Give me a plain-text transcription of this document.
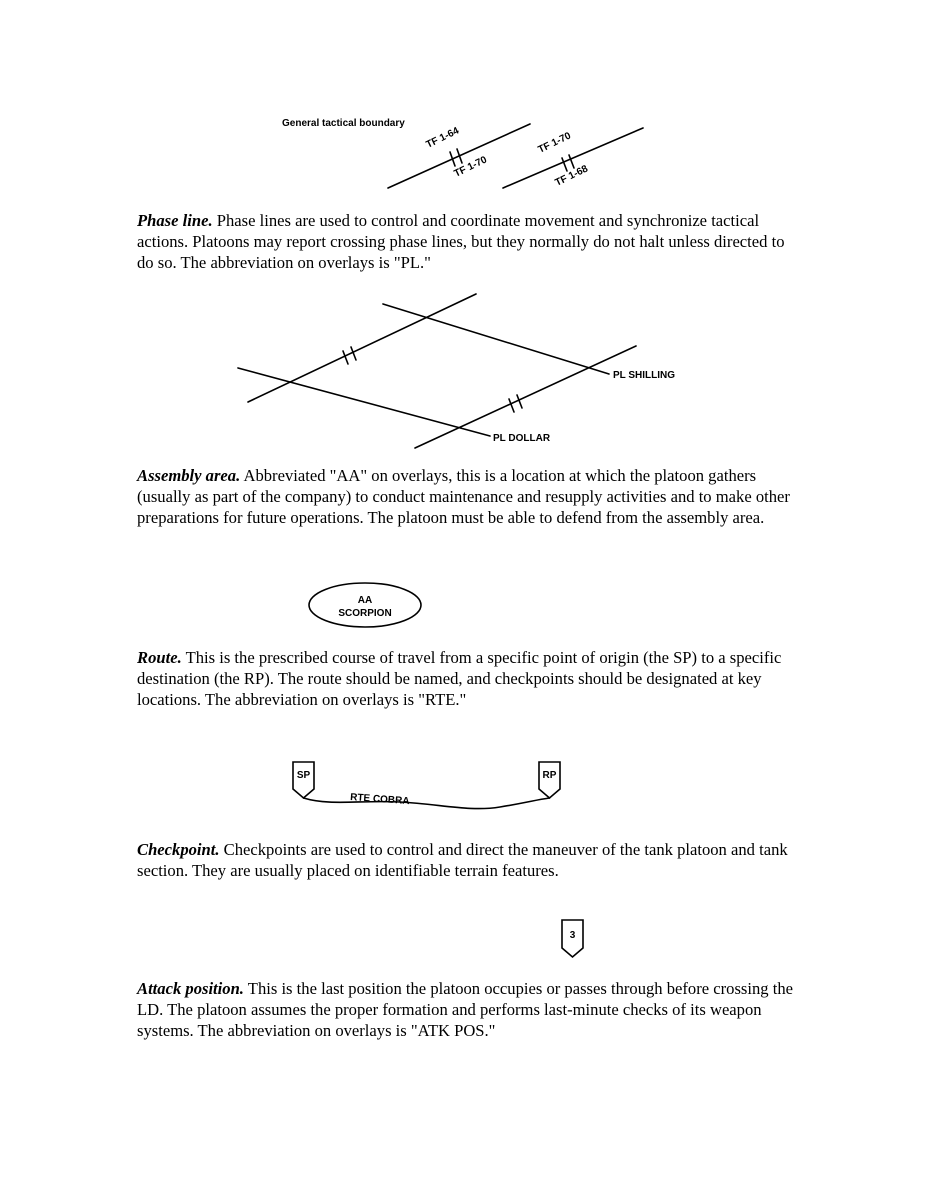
General tactical boundary
TF 1-64
TF 1-70
TF 1-70
TF 1-68

Phase line. Phase lines are used to control and coordinate movement and synchronize tactical actions. Platoons may report crossing phase lines, but they normally do not halt unless directed to do so. The abbreviation on overlays is "PL."

PL SHILLING
PL DOLLAR

Assembly area. Abbreviated "AA" on overlays, this is a location at which the platoon gathers (usually as part of the company) to conduct maintenance and resupply activities and to make other preparations for future operations. The platoon must be able to defend from the assembly area.

AA
SCORPION

Route. This is the prescribed course of travel from a specific point of origin (the SP) to a specific destination (the RP). The route should be named, and checkpoints should be designated at key locations. The abbreviation on overlays is "RTE."

SP	RP
RTE COBRA

Checkpoint. Checkpoints are used to control and direct the maneuver of the tank platoon and tank section. They are usually placed on identifiable terrain features.

3

Attack position. This is the last position the platoon occupies or passes through before crossing the LD. The platoon assumes the proper formation and performs last-minute checks of its weapon systems. The abbreviation on overlays is "ATK POS."
